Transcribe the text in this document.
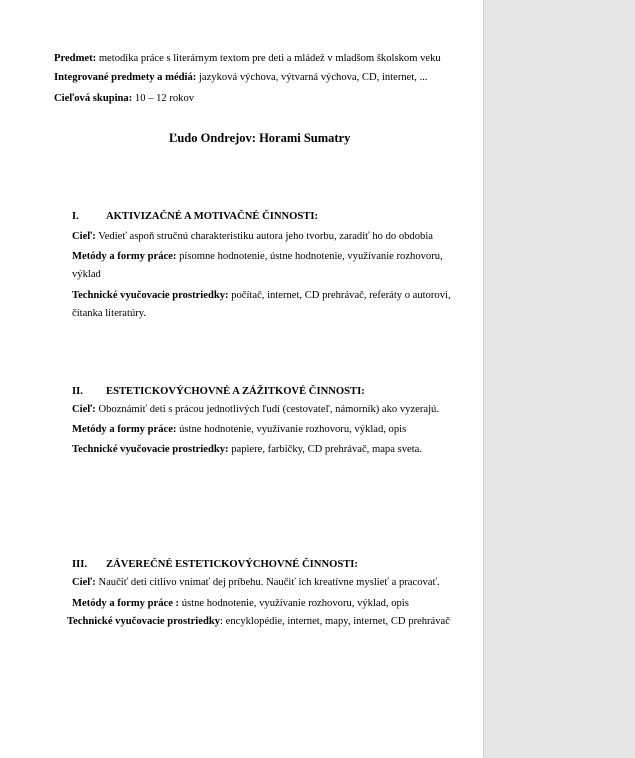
Predmet: metodika práce s literárnym textom pre deti a mládež v mladšom školskom veku
Integrované predmety a médiá: jazyková výchova, výtvarná výchova, CD, internet, ...
Cieľová skupina: 10 – 12 rokov
Ľudo Ondrejov: Horami Sumatry
I.	AKTIVIZAČNÉ A MOTIVAČNÉ ČINNOSTI:
Cieľ: Vedieť aspoň stručnú charakteristiku autora jeho tvorbu, zaradiť ho do obdobia
Metódy a formy práce: písomne hodnotenie, ústne hodnotenie, využívanie rozhovoru,
výklad
Technické vyučovacie prostriedky: počítač, internet, CD prehrávač, referáty o autorovi,
čítanka literatúry.
II. ESTETICKOVÝCHOVNÉ A ZÁŽITKOVÉ ČINNOSTI:
Cieľ: Oboznámiť deti s prácou jednotlivých ľudí (cestovateľ, námorník) ako vyzerajú.
Metódy a formy práce: ústne hodnotenie, využívanie rozhovoru, výklad, opis
Technické vyučovacie prostriedky: papiere, farbičky, CD prehrávač, mapa sveta.
III. ZÁVEREČNÉ ESTETICKOVÝCHOVNÉ ČINNOSTI:
Cieľ: Naučiť deti citlivo vnímať dej príbehu. Naučiť ich kreatívne myslieť a pracovať.
Metódy a formy práce : ústne hodnotenie, využívanie rozhovoru, výklad, opis
Technické vyučovacie prostriedky: encyklopédie, internet, mapy, internet, CD prehrávač
